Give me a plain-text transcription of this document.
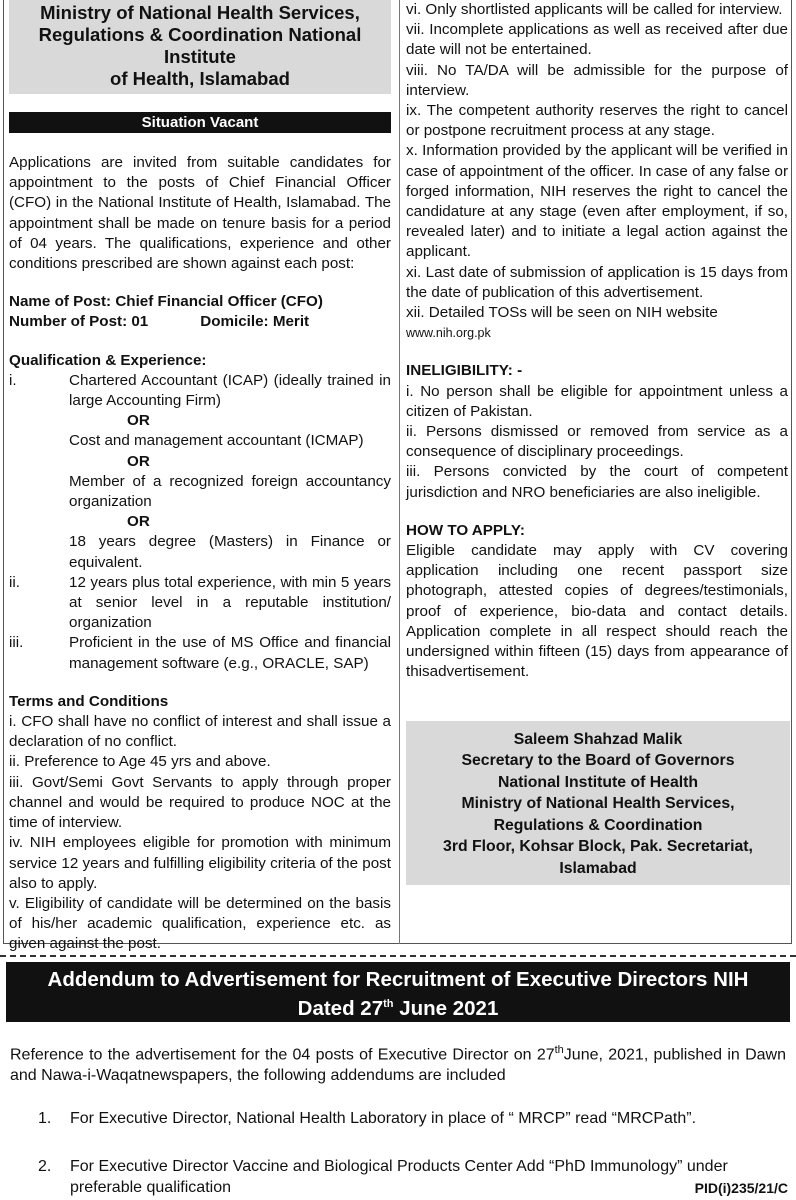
Ministry of National Health Services,
Regulations & Coordination National Institute
of Health, Islamabad
Situation Vacant

Applications are invited from suitable candidates for appointment to the posts of Chief Financial Officer (CFO) in the National Institute of Health, Islamabad. The appointment shall be made on tenure basis for a period of 04 years. The qualifications, experience and other conditions prescribed are shown against each post:

Name of Post: Chief Financial Officer (CFO)
Number of Post: 01	Domicile: Merit
Qualification & Experience:
i.	Chartered Accountant (ICAP) (ideally trained in large Accounting Firm)
OR
Cost and management accountant (ICMAP)
OR
Member of a recognized foreign accountancy organization
OR
18 years degree (Masters) in Finance or equivalent.
ii.	12 years plus total experience, with min 5 years at senior level in a reputable institution/ organization
iii.	Proficient in the use of MS Office and financial management software (e.g., ORACLE, SAP)
Terms and Conditions

i. CFO shall have no conflict of interest and shall issue a declaration of no conflict.

ii. Preference to Age 45 yrs and above.

iii. Govt/Semi Govt Servants to apply through proper channel and would be required to produce NOC at the time of interview.

iv. NIH employees eligible for promotion with minimum service 12 years and fulfilling eligibility criteria of the post also to apply.

v. Eligibility of candidate will be determined on the basis of his/her academic qualification, experience etc. as given against the post.

vi. Only shortlisted applicants will be called for interview.

vii. Incomplete applications as well as received after due date will not be entertained.

viii. No TA/DA will be admissible for the purpose of interview.

ix. The competent authority reserves the right to cancel or postpone recruitment process at any stage.

x. Information provided by the applicant will be verified in case of appointment of the officer. In case of any false or forged information, NIH reserves the right to cancel the candidature at any stage (even after employment, if so, revealed later) and to initiate a legal action against the applicant.

xi. Last date of submission of application is 15 days from the date of publication of this advertisement.

xii. Detailed TOSs will be seen on NIH website

www.nih.org.pk

INELIGIBILITY: -

i. No person shall be eligible for appointment unless a citizen of Pakistan.

ii. Persons dismissed or removed from service as a consequence of disciplinary proceedings.

iii. Persons convicted by the court of competent jurisdiction and NRO beneficiaries are also ineligible.

HOW TO APPLY:

Eligible candidate may apply with CV covering application including one recent passport size photograph, attested copies of degrees/testimonials, proof of experience, bio-data and contact details. Application complete in all respect should reach the undersigned within fifteen (15) days from appearance of thisadvertisement.

Saleem Shahzad Malik
Secretary to the Board of Governors
National Institute of Health
Ministry of National Health Services,
Regulations & Coordination
3rd Floor, Kohsar Block, Pak. Secretariat,
Islamabad
Addendum to Advertisement for Recruitment of Executive Directors NIH
Dated 27th June 2021
Reference to the advertisement for the 04 posts of Executive Director on 27thJune, 2021, published in Dawn and Nawa-i-Waqatnewspapers, the following addendums are included
1.	For Executive Director, National Health Laboratory in place of “ MRCP” read “MRCPath”.
2.	For Executive Director Vaccine and Biological Products Center Add “PhD Immunology” under preferable qualification	PID(i)235/21/C
